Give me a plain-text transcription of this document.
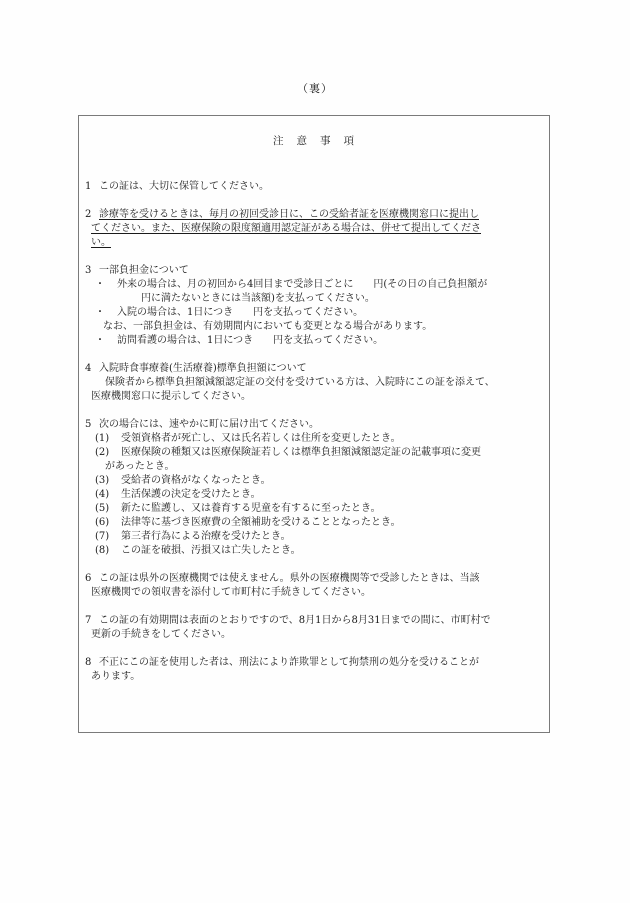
（裏）
注 意 事 項
1 この証は、大切に保管してください。
2 診療等を受けるときは、毎月の初回受診日に、この受給者証を医療機関窓口に提出し
てください。また、医療保険の限度額適用認定証がある場合は、併せて提出してくださ
い。
3 一部負担金について
・	外来の場合は、月の初回から4回目まで受診日ごとに　　円(その日の自己負担額が
円に満たないときには当該額)を支払ってください。
・	入院の場合は、1日につき　　円を支払ってください。
なお、一部負担金は、有効期間内においても変更となる場合があります。
・	訪問看護の場合は、1日につき　　円を支払ってください。
4 入院時食事療養(生活療養)標準負担額について
保険者から標準負担額減額認定証の交付を受けている方は、入院時にこの証を添えて、
医療機関窓口に提示してください。
5 次の場合には、速やかに町に届け出てください。
(1)	受領資格者が死亡し、又は氏名若しくは住所を変更したとき。
(2)	医療保険の種類又は医療保険証若しくは標準負担額減額認定証の記載事項に変更
があったとき。
(3)	受給者の資格がなくなったとき。
(4)	生活保護の決定を受けたとき。
(5)	新たに監護し、又は養育する児童を有するに至ったとき。
(6)	法律等に基づき医療費の全額補助を受けることとなったとき。
(7)	第三者行為による治療を受けたとき。
(8)	この証を破損、汚損又は亡失したとき。
6 この証は県外の医療機関では使えません。県外の医療機関等で受診したときは、当該
医療機関での領収書を添付して市町村に手続きしてください。
7 この証の有効期間は表面のとおりですので、8月1日から8月31日までの間に、市町村で
更新の手続きをしてください。
8 不正にこの証を使用した者は、刑法により詐欺罪として拘禁刑の処分を受けることが
あります。
